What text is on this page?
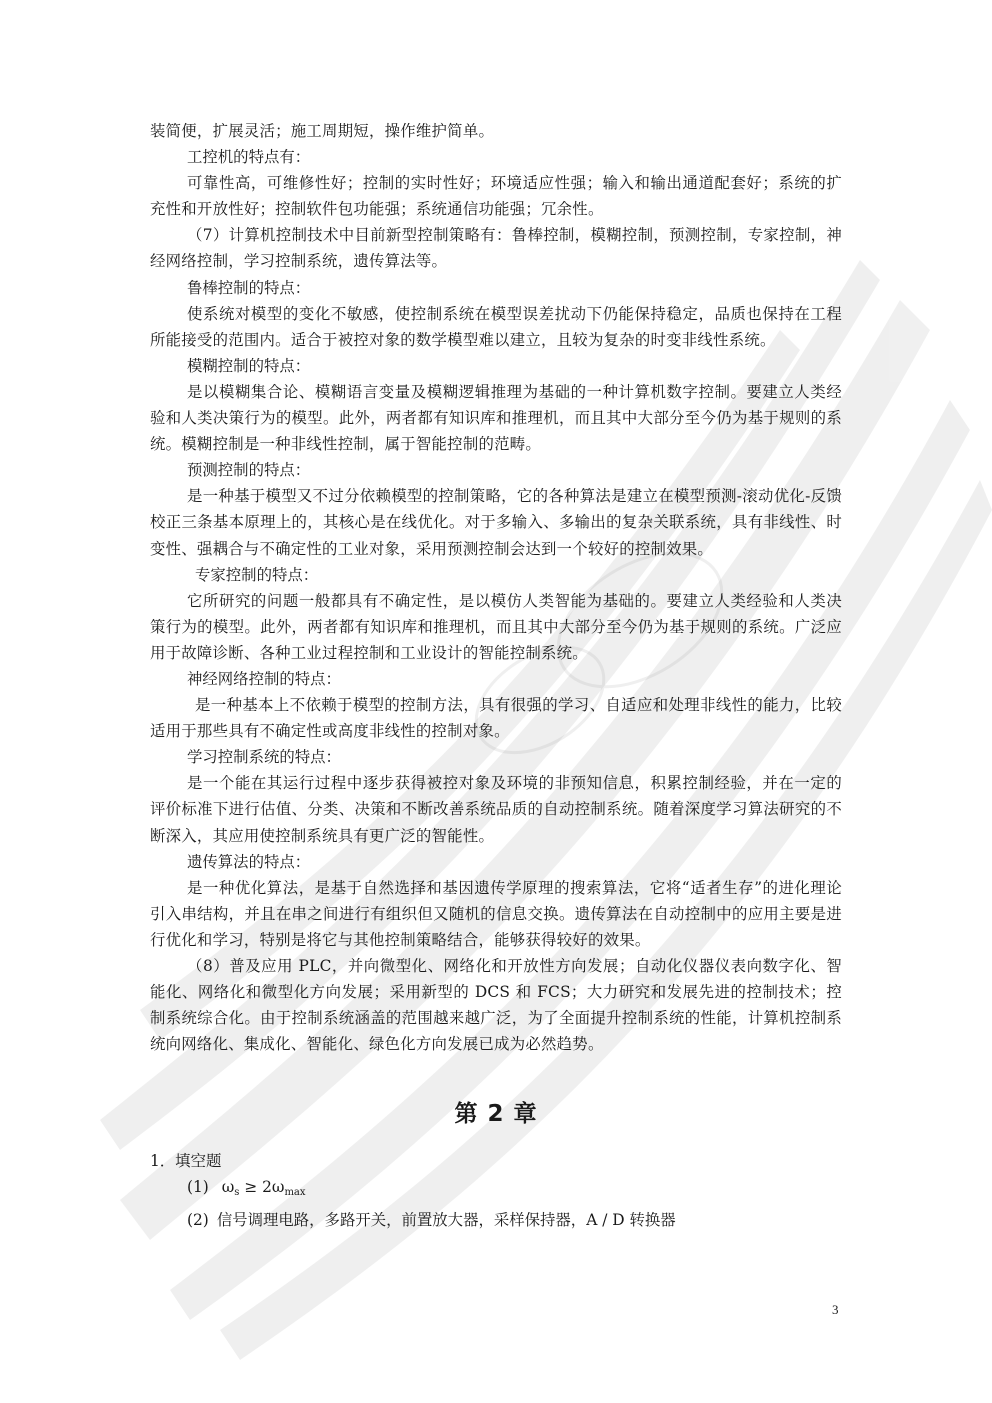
装简便，扩展灵活；施工周期短，操作维护简单。

工控机的特点有：

可靠性高，可维修性好；控制的实时性好；环境适应性强；输入和输出通道配套好；系统的扩充性和开放性好；控制软件包功能强；系统通信功能强；冗余性。

（7）计算机控制技术中目前新型控制策略有：鲁棒控制，模糊控制，预测控制，专家控制，神经网络控制，学习控制系统，遗传算法等。

鲁棒控制的特点：

使系统对模型的变化不敏感，使控制系统在模型误差扰动下仍能保持稳定，品质也保持在工程所能接受的范围内。适合于被控对象的数学模型难以建立，且较为复杂的时变非线性系统。

模糊控制的特点：

是以模糊集合论、模糊语言变量及模糊逻辑推理为基础的一种计算机数字控制。要建立人类经验和人类决策行为的模型。此外，两者都有知识库和推理机，而且其中大部分至今仍为基于规则的系统。模糊控制是一种非线性控制，属于智能控制的范畴。

预测控制的特点：

是一种基于模型又不过分依赖模型的控制策略，它的各种算法是建立在模型预测-滚动优化-反馈校正三条基本原理上的，其核心是在线优化。对于多输入、多输出的复杂关联系统，具有非线性、时变性、强耦合与不确定性的工业对象，采用预测控制会达到一个较好的控制效果。

专家控制的特点：

它所研究的问题一般都具有不确定性，是以模仿人类智能为基础的。要建立人类经验和人类决策行为的模型。此外，两者都有知识库和推理机，而且其中大部分至今仍为基于规则的系统。广泛应用于故障诊断、各种工业过程控制和工业设计的智能控制系统。

神经网络控制的特点：

是一种基本上不依赖于模型的控制方法，具有很强的学习、自适应和处理非线性的能力，比较适用于那些具有不确定性或高度非线性的控制对象。

学习控制系统的特点：

是一个能在其运行过程中逐步获得被控对象及环境的非预知信息，积累控制经验，并在一定的评价标准下进行估值、分类、决策和不断改善系统品质的自动控制系统。随着深度学习算法研究的不断深入，其应用使控制系统具有更广泛的智能性。

遗传算法的特点：

是一种优化算法，是基于自然选择和基因遗传学原理的搜索算法，它将“适者生存”的进化理论引入串结构，并且在串之间进行有组织但又随机的信息交换。遗传算法在自动控制中的应用主要是进行优化和学习，特别是将它与其他控制策略结合，能够获得较好的效果。

（8）普及应用 PLC，并向微型化、网络化和开放性方向发展；自动化仪器仪表向数字化、智能化、网络化和微型化方向发展；采用新型的 DCS 和 FCS；大力研究和发展先进的控制技术；控制系统综合化。由于控制系统涵盖的范围越来越广泛，为了全面提升控制系统的性能，计算机控制系统向网络化、集成化、智能化、绿色化方向发展已成为必然趋势。

第 2 章

1．填空题

(1) $\omega_s \ge 2\omega_{max}$

(2) 信号调理电路，多路开关，前置放大器，采样保持器，A / D 转换器

3
